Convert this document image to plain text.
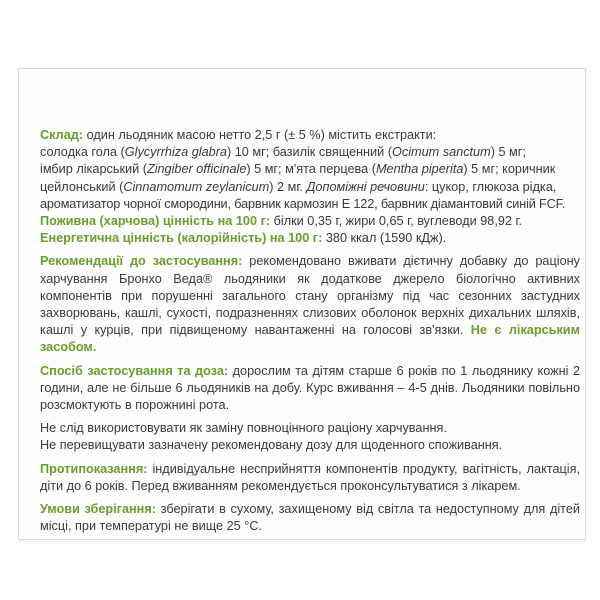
Склад: один льодяник масою нетто 2,5 г (± 5 %) містить екстракти:
солодка гола (Glycyrrhiza glabra) 10 мг; базилік священний (Ocimum sanctum) 5 мг;
імбир лікарський (Zingiber officinale) 5 мг; м'ята перцева (Mentha piperita) 5 мг; коричник
цейлонський (Cinnamomum zeylanicum) 2 мг. Допоміжні речовини: цукор, глюкоза рідка,
ароматизатор чорної смородини, барвник кармозин Е 122, барвник діамантовий синій FCF.

Поживна (харчова) цінність на 100 г: білки 0,35 г, жири 0,65 г, вуглеводи 98,92 г.

Енергетична цінність (калорійність) на 100 г: 380 ккал (1590 кДж).

Рекомендації до застосування: рекомендовано вживати дієтичну добавку до раціону харчування Бронхо Веда® льодяники як додаткове джерело біологічно активних компонентів при порушенні загального стану організму під час сезонних застудних захворювань, кашлі, сухості, подразненнях слизових оболонок верхніх дихальних шляхів, кашлі у курців, при підвищеному навантаженні на голосові зв'язки. Не є лікарським засобом.

Спосіб застосування та доза: дорослим та дітям старше 6 років по 1 льодянику кожні 2 години, але не більше 6 льодяників на добу. Курс вживання – 4-5 днів. Льодяники повільно розсмоктують в порожнині рота.

Не слід використовувати як заміну повноцінного раціону харчування.

Не перевищувати зазначену рекомендовану дозу для щоденного споживання.

Протипоказання: індивідуальне несприйняття компонентів продукту, вагітність, лактація, діти до 6 років. Перед вживанням рекомендується проконсультуватися з лікарем.

Умови зберігання: зберігати в сухому, захищеному від світла та недоступному для дітей місці, при температурі не вище 25 °С.
